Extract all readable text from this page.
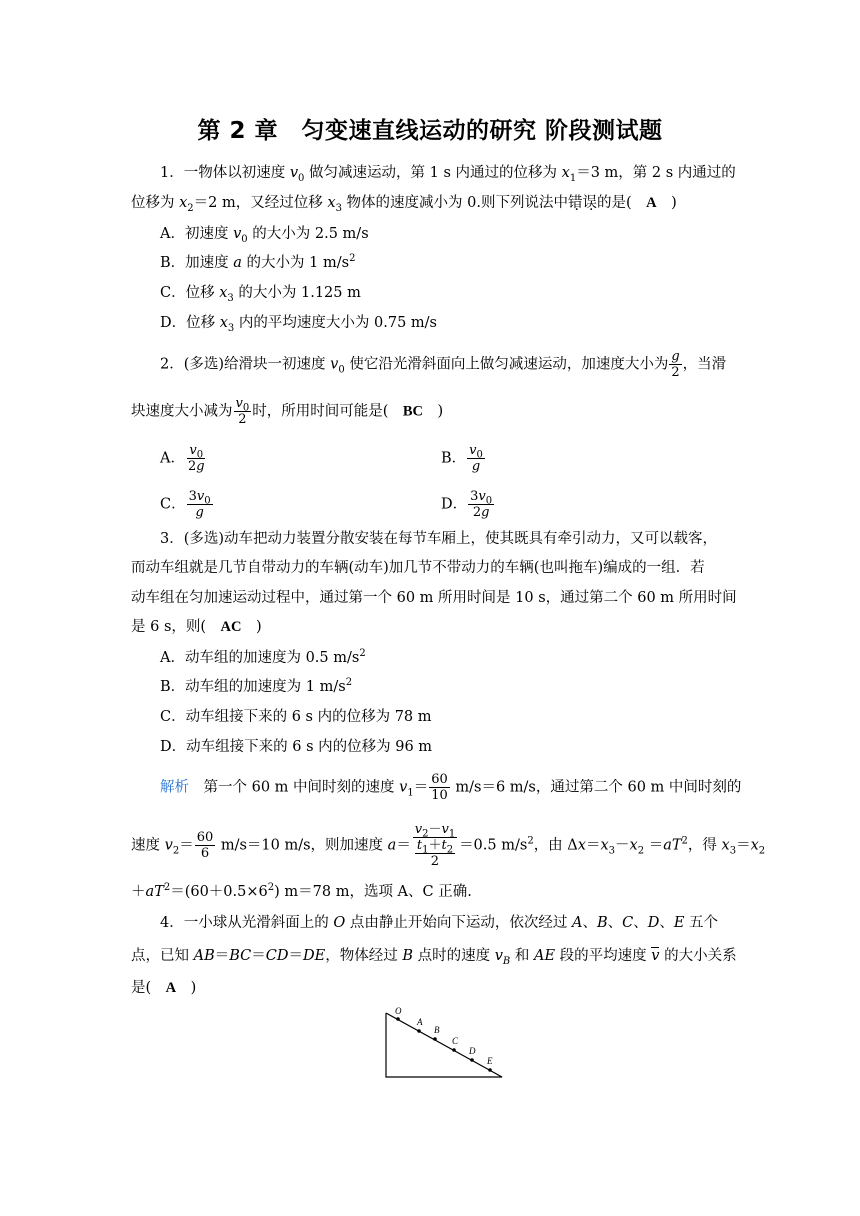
第 2 章　匀变速直线运动的研究 阶段测试题
1．一物体以初速度 $v_0$ 做匀减速运动，第 1 s 内通过的位移为 $x_1=3$ m，第 2 s 内通过的
位移为 $x_2=2$ m，又经过位移 $x_3$ 物体的速度减小为 0.则下列说法中错误的是(　A　 )
A．初速度 $v_0$ 的大小为 2.5 m/s
B．加速度 a 的大小为 1 $m/s^2$
C．位移 $x_3$ 的大小为 1.125 m
D．位移 $x_3$ 内的平均速度大小为 0.75 m/s
2．(多选)给滑块一初速度 $v_0$ 使它沿光滑斜面向上做匀减速运动，加速度大小为 $\frac{g}{2}$ ，当滑
块速度大小减为 $\frac{v_0}{2}$ 时，所用时间可能是(　BC　 )
A． $\frac{v_0}{2g}$	B． $\frac{v_0}{g}$
C． $\frac{3v_0}{g}$	D． $\frac{3v_0}{2g}$
3．(多选)动车把动力装置分散安装在每节车厢上，使其既具有牵引动力，又可以载客，
而动车组就是几节自带动力的车辆(动车)加几节不带动力的车辆(也叫拖车)编成的一组．若
动车组在匀加速运动过程中，通过第一个 60 m 所用时间是 10 s，通过第二个 60 m 所用时间
是 6 s，则(　AC　 )
A．动车组的加速度为 0.5 $m/s^2$
B．动车组的加速度为 1 $m/s^2$
C．动车组接下来的 6 s 内的位移为 78 m
D．动车组接下来的 6 s 内的位移为 96 m
解析　第一个 60 m 中间时刻的速度 $v_1= \frac{60}{10} m/s=6$ m/s，通过第二个 60 m 中间时刻的
速度 $v_2= \frac{60}{6} m/s=10$ m/s，则加速度 $a= \frac{v_2-v_1}{\frac{t_1+t_2}{2}} =0.5$ $m/s^2$，由 $\Delta x=x_3-x_2 =aT^2$，得 $x_3=x_2$
$+aT^2=(60+0.5\times 6^2)$ m＝78 m，选项 A、C 正确.
4．一小球从光滑斜面上的 O 点由静止开始向下运动，依次经过 A、B、C、D、E 五个
点，已知 AB＝BC＝CD＝DE，物体经过 B 点时的速度 $v_B$ 和 AE 段的平均速度 v 的大小关系
是(　A　 )
O
A
B
C
D
E
